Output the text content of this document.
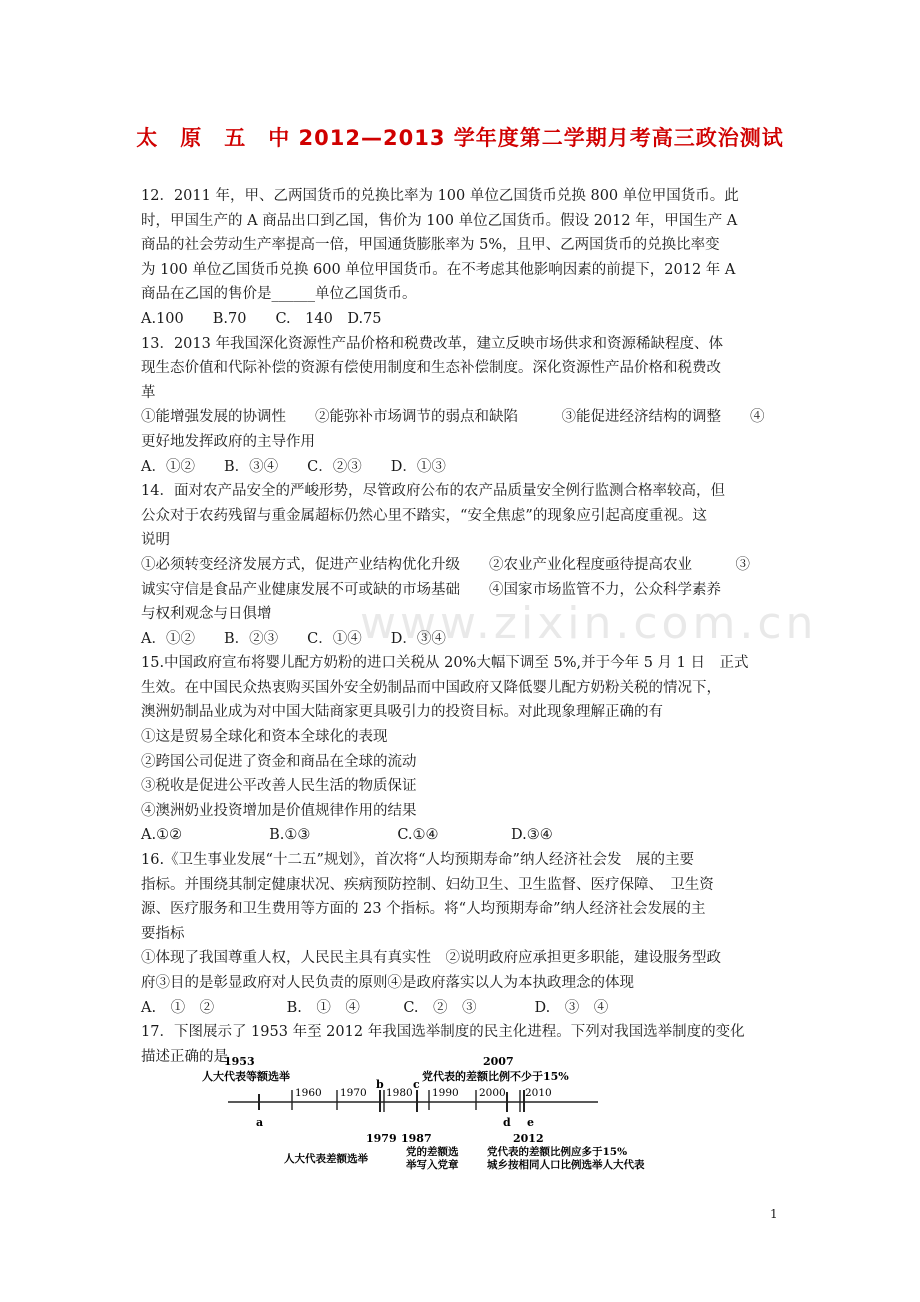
太　原　五　中 2012—2013 学年度第二学期月考高三政治测试
www.zixin.com.cn
12．2011 年，甲、乙两国货币的兑换比率为 100 单位乙国货币兑换 800 单位甲国货币。此
时，甲国生产的 A 商品出口到乙国，售价为 100 单位乙国货币。假设 2012 年，甲国生产 A
商品的社会劳动生产率提高一倍，甲国通货膨胀率为 5%，且甲、乙两国货币的兑换比率变
为 100 单位乙国货币兑换 600 单位甲国货币。在不考虑其他影响因素的前提下，2012 年 A
商品在乙国的售价是______单位乙国货币。
A.100　　B.70　　C.　140　D.75
13．2013 年我国深化资源性产品价格和税费改革，建立反映市场供求和资源稀缺程度、体
现生态价值和代际补偿的资源有偿使用制度和生态补偿制度。深化资源性产品价格和税费改
革
①能增强发展的协调性　　②能弥补市场调节的弱点和缺陷　　　③能促进经济结构的调整　　④
更好地发挥政府的主导作用
A．①②　　B．③④　　C．②③　　D．①③
14．面对农产品安全的严峻形势，尽管政府公布的农产品质量安全例行监测合格率较高，但
公众对于农药残留与重金属超标仍然心里不踏实，“安全焦虑”的现象应引起高度重视。这
说明
①必须转变经济发展方式，促进产业结构优化升级　　②农业产业化程度亟待提高农业　　　③
诚实守信是食品产业健康发展不可或缺的市场基础　　④国家市场监管不力，公众科学素养
与权利观念与日俱增
A．①②　　B．②③　　C．①④　　D．③④
15.中国政府宣布将婴儿配方奶粉的进口关税从 20%大幅下调至 5%,并于今年 5 月 1 日　正式
生效。在中国民众热衷购买国外安全奶制品而中国政府又降低婴儿配方奶粉关税的情况下，
澳洲奶制品业成为对中国大陆商家更具吸引力的投资目标。对此现象理解正确的有
①这是贸易全球化和资本全球化的表现
②跨国公司促进了资金和商品在全球的流动
③税收是促进公平改善人民生活的物质保证
④澳洲奶业投资增加是价值规律作用的结果
A.①②　　　　　　B.①③　　　　　　C.①④　　　　　D.③④
16.《卫生事业发展“十二五”规划》，首次将“人均预期寿命”纳人经济社会发　展的主要
指标。并围绕其制定健康状况、疾病预防控制、妇幼卫生、卫生监督、医疗保障、　卫生资
源、医疗服务和卫生费用等方面的 23 个指标。将“人均预期寿命”纳人经济社会发展的主
要指标
①体现了我国尊重人权，人民民主具有真实性　②说明政府应承担更多职能，建设服务型政
府③目的是彰显政府对人民负责的原则④是政府落实以人为本执政理念的体现
A.　①　②　　　　　B.　①　④　　　C.　②　③　　　　D.　③　④
17．下图展示了 1953 年至 2012 年我国选举制度的民主化进程。下列对我国选举制度的变化
描述正确的是
1953
人大代表等额选举
2007
党代表的差额比例不少于15%
1960 1970 1980 1990 2000 2010
a
b	c
d e
1979 1987	2012
人大代表差额选举
党的差额选
举写入党章
党代表的差额比例应多于15%
城乡按相同人口比例选举人大代表
1
